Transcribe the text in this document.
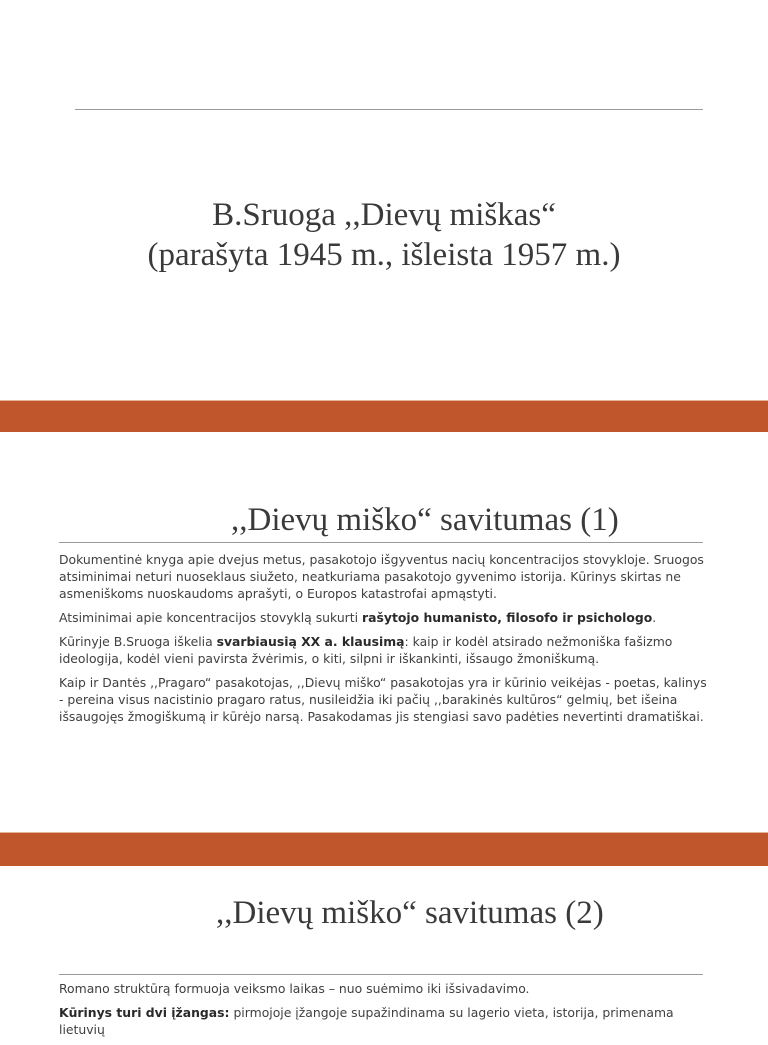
B.Sruoga ,,Dievų miškas“
(parašyta 1945 m., išleista 1957 m.)
,,Dievų miško“ savitumas (1)

Dokumentinė knyga apie dvejus metus, pasakotojo išgyventus nacių koncentracijos stovykloje. Sruogos atsiminimai neturi nuoseklaus siužeto, neatkuriama pasakotojo gyvenimo istorija. Kūrinys skirtas ne asmeniškoms nuoskaudoms aprašyti, o Europos katastrofai apmąstyti.

Atsiminimai apie koncentracijos stovyklą sukurti rašytojo humanisto, filosofo ir psichologo.

Kūrinyje B.Sruoga iškelia svarbiausią XX a. klausimą: kaip ir kodėl atsirado nežmoniška fašizmo ideologija, kodėl vieni pavirsta žvėrimis, o kiti, silpni ir iškankinti, išsaugo žmoniškumą.

Kaip ir Dantės ,,Pragaro“ pasakotojas, ,,Dievų miško“ pasakotojas yra ir kūrinio veikėjas - poetas, kalinys - pereina visus nacistinio pragaro ratus, nusileidžia iki pačių ,,barakinės kultūros“ gelmių, bet išeina išsaugojęs žmogiškumą ir kūrėjo narsą. Pasakodamas jis stengiasi savo padėties nevertinti dramatiškai.

,,Dievų miško“ savitumas (2)

Romano struktūrą formuoja veiksmo laikas – nuo suėmimo iki išsivadavimo.

Kūrinys turi dvi įžangas: pirmojoje įžangoje supažindinama su lagerio vieta, istorija, primenama lietuvių
